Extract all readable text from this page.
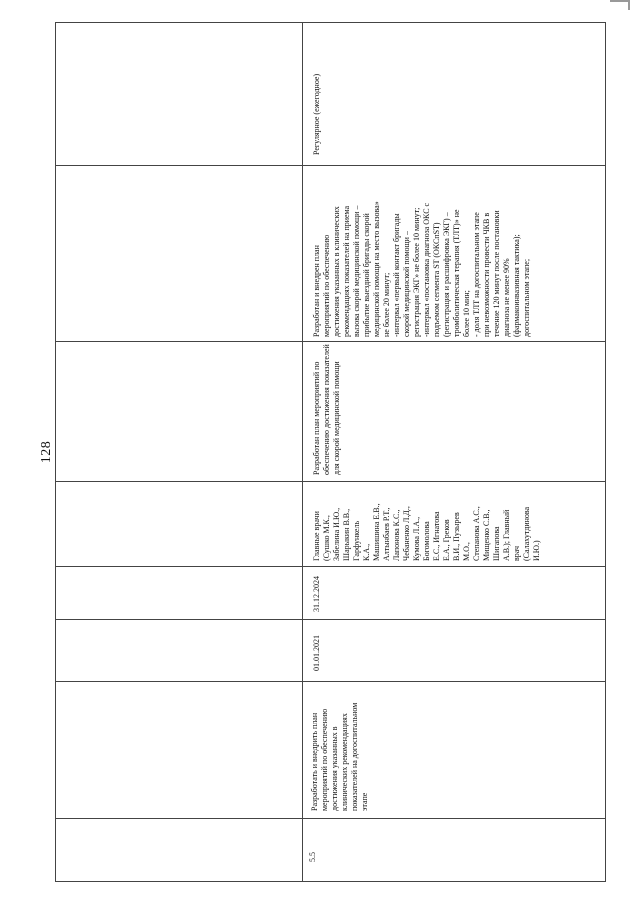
128
5.5
Разработать и внедрить план мероприятий по обеспечению достижения указанных в клинических рекомендациях показателей на догоспитальном этапе
01.01.2021
31.12.2024

Главные врачи (Сушко М.К., Забелина И.Ю., Шарыкин В.В., Гарфункель К.А., Машишина Е.В., Алтынбаев Р.Т., Лапонова К.С., Чебаненко Л.Д., Кумова Л.А., Богомолова Е.С., Игнатова Е.А., Греков В.И., Пузырев М.О., Степанова А.С., Мищенко С.В., Шигапова А.В.); Главный врач (Салахутдинова И.Ю.)

Разработан план мероприятий по обеспечению достижения показателей для скорой медицинской помощи

Разработан и внедрен план мероприятий по обеспечению достижения указанных в клинических рекомендациях показателей на приема вызова скорой медицинской помощи – прибытие выездной бригады скорой медицинской помощи на место вызова» не более 20 минут; -интервал «первый контакт бригады скорой медицинской помощи – регистрация ЭКГ» не более 10 минут; -интервал «постановка диагноза ОКС с подъемом сегмента ST (ОКСпST) (регистрация и расшифровка ЭКГ) – тромболитическая терапия (ТЛТ)» не более 10 мин; - доля ТЛТ на догоспитальном этапе при невозможности провести ЧКВ в течение 120 минут после постановки диагноза не менее 90% (фармакоинвазивная тактика); догоспитальном этапе;

Регулярное (ежегодное)
